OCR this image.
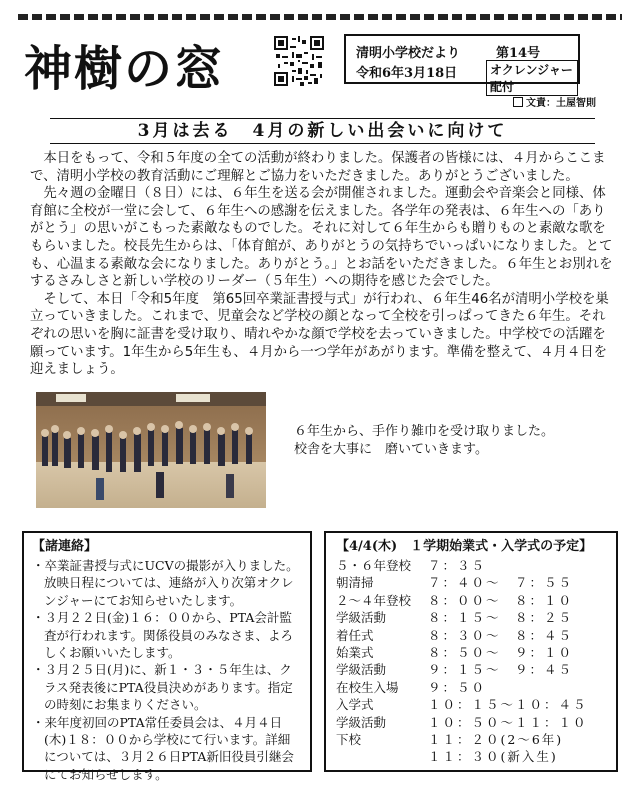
神樹の窓	清明小学校だより	第14号
令和6年3月18日	オクレンジャー配付
文責：土屋智則
3月は去る　4月の新しい出会いに向けて

本日をもって、令和５年度の全ての活動が終わりました。保護者の皆様には、４月からここまで、清明小学校の教育活動にご理解とご協力をいただきました。ありがとうございました。

先々週の金曜日（８日）には、６年生を送る会が開催されました。運動会や音楽会と同様、体育館に全校が一堂に会して、６年生への感謝を伝えました。各学年の発表は、６年生への「ありがとう」の思いがこもった素敵なものでした。それに対して６年生からも贈りものと素敵な歌をもらいました。校長先生からは、「体育館が、ありがとうの気持ちでいっぱいになりました。とても、心温まる素敵な会になりました。ありがとう。」とお話をいただきました。６年生とお別れをするさみしさと新しい学校のリーダー（５年生）への期待を感じた会でした。

そして、本日「令和5年度　第65回卒業証書授与式」が行われ、６年生46名が清明小学校を巣立っていきました。これまで、児童会など学校の顔となって全校を引っぱってきた６年生。それぞれの思いを胸に証書を受け取り、晴れやかな顔で学校を去っていきました。中学校での活躍を願っています。1年生から5年生も、４月から一つ学年があがります。準備を整えて、４月４日を迎えましょう。

６年生から、手作り雑巾を受け取りました。
校舎を大事に　磨いていきます。
【諸連絡】
・ 卒業証書授与式にUCVの撮影が入りました。放映日程については、連絡が入り次第オクレンジャーにてお知らせいたします。
・ ３月２２日(金)１６：００から、PTA会計監査が行われます。関係役員のみなさま、よろしくお願いいたします。
・ ３月２５日(月)に、新１・３・５年生は、クラス発表後にPTA役員決めがあります。指定の時刻にお集まりください。
・ 来年度初回のPTA常任委員会は、４月４日(木)１８：００から学校にて行います。詳細については、３月２６日PTA新旧役員引継会にてお知らせします。
【4/4(木)　１学期始業式・入学式の予定】
５・６年登校	７：３５
朝清掃	７：４０～　７：５５
２～４年登校	８：００～　８：１０
学級活動	８：１５～　８：２５
着任式	８：３０～　８：４５
始業式	８：５０～　９：１０
学級活動	９：１５～　９：４５
在校生入場	９：５０
入学式	１０：１５～１０：４５
学級活動	１０：５０～１１：１０
下校	１１：２０(2～6年)
１１：３０(新入生)
